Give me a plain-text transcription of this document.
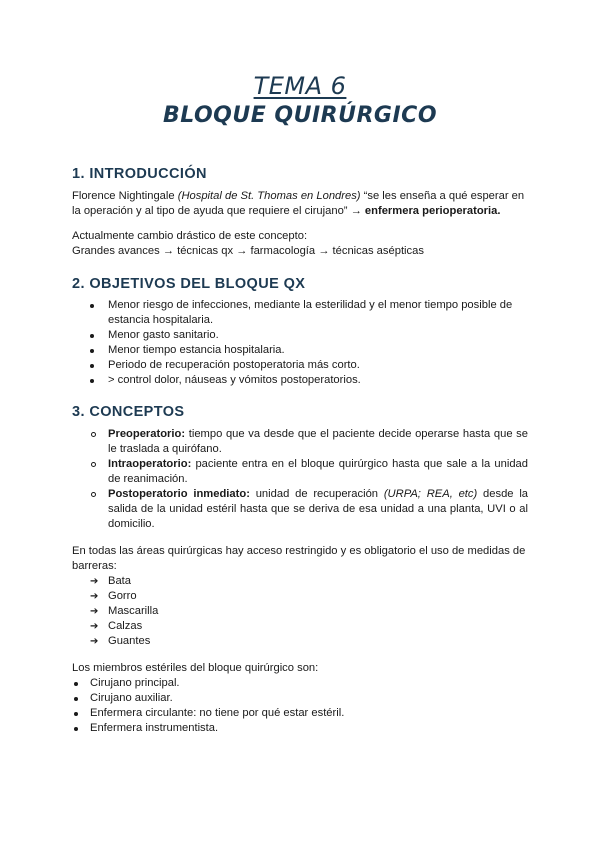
TEMA 6
BLOQUE QUIRÚRGICO
1. INTRODUCCIÓN

Florence Nightingale (Hospital de St. Thomas en Londres) “se les enseña a qué esperar en la operación y al tipo de ayuda que requiere el cirujano” → enfermera perioperatoria.

Actualmente cambio drástico de este concepto:
Grandes avances → técnicas qx → farmacología → técnicas asépticas

2. OBJETIVOS DEL BLOQUE QX
Menor riesgo de infecciones, mediante la esterilidad y el menor tiempo posible de estancia hospitalaria.
Menor gasto sanitario.
Menor tiempo estancia hospitalaria.
Periodo de recuperación postoperatoria más corto.
> control dolor, náuseas y vómitos postoperatorios.
3. CONCEPTOS
Preoperatorio: tiempo que va desde que el paciente decide operarse hasta que se le traslada a quirófano.
Intraoperatorio: paciente entra en el bloque quirúrgico hasta que sale a la unidad de reanimación.
Postoperatorio inmediato: unidad de recuperación (URPA; REA, etc) desde la salida de la unidad estéril hasta que se deriva de esa unidad a una planta, UVI o al domicilio.

En todas las áreas quirúrgicas hay acceso restringido y es obligatorio el uso de medidas de barreras:

➔ Bata
➔ Gorro
➔ Mascarilla
➔ Calzas
➔ Guantes

Los miembros estériles del bloque quirúrgico son:

Cirujano principal.
Cirujano auxiliar.
Enfermera circulante: no tiene por qué estar estéril.
Enfermera instrumentista.
